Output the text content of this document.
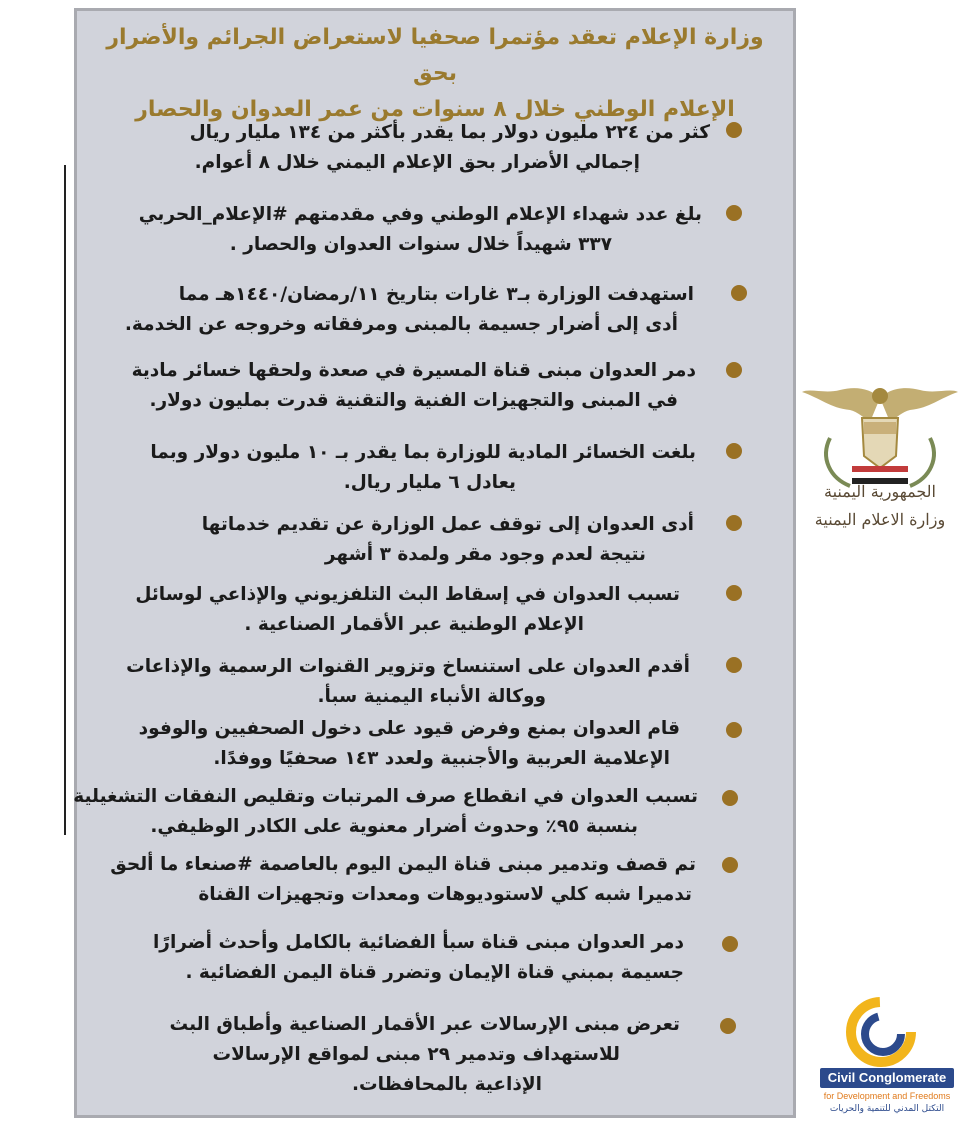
وزارة الإعلام تعقد مؤتمرا صحفيا لاستعراض الجرائم والأضرار بحق
الإعلام الوطني خلال ٨ سنوات من عمر العدوان والحصار
كثر من ٢٢٤ مليون دولار بما يقدر بأكثر من ١٣٤ مليار ريال
إجمالي الأضرار بحق الإعلام اليمني خلال ٨ أعوام.
بلغ عدد شهداء الإعلام الوطني وفي مقدمتهم #الإعلام_الحربي
٣٣٧ شهيداً خلال سنوات العدوان والحصار .
استهدفت الوزارة بـ٣ غارات بتاريخ ١١/رمضان/١٤٤٠هـ مما
أدى إلى أضرار جسيمة بالمبنى ومرفقاته وخروجه عن الخدمة.
دمر العدوان مبنى قناة المسيرة في صعدة ولحقها خسائر مادية
في المبنى والتجهيزات الفنية والتقنية قدرت بمليون دولار.
بلغت الخسائر المادية للوزارة بما يقدر بـ ١٠ مليون دولار وبما
يعادل ٦ مليار ريال.
أدى العدوان إلى توقف عمل الوزارة عن تقديم خدماتها
نتيجة لعدم وجود مقر ولمدة ٣ أشهر
تسبب العدوان في إسقاط البث التلفزيوني والإذاعي لوسائل
الإعلام الوطنية عبر الأقمار الصناعية .
أقدم العدوان على استنساخ وتزوير القنوات الرسمية والإذاعات
ووكالة الأنباء اليمنية سبأ.
قام العدوان بمنع وفرض قيود على دخول الصحفيين والوفود
الإعلامية العربية والأجنبية ولعدد ١٤٣ صحفيًا ووفدًا.
تسبب العدوان في انقطاع صرف المرتبات وتقليص النفقات التشغيلية
بنسبة ٩٥٪ وحدوث أضرار معنوية على الكادر الوظيفي.
تم قصف وتدمير مبنى قناة اليمن اليوم بالعاصمة #صنعاء ما ألحق
تدميرا شبه كلي لاستوديوهات ومعدات وتجهيزات القناة
دمر العدوان مبنى قناة سبأ الفضائية بالكامل وأحدث أضرارًا
جسيمة بمبني قناة الإيمان وتضرر قناة اليمن الفضائية .
تعرض مبنى الإرسالات عبر الأقمار الصناعية وأطباق البث
للاستهداف وتدمير ٢٩ مبنى لمواقع الإرسالات
الإذاعية بالمحافظات.
الجمهورية اليمنية
وزارة الاعلام اليمنية
Civil Conglomerate
for Development and Freedoms
التكتل المدني للتنمية والحريات
